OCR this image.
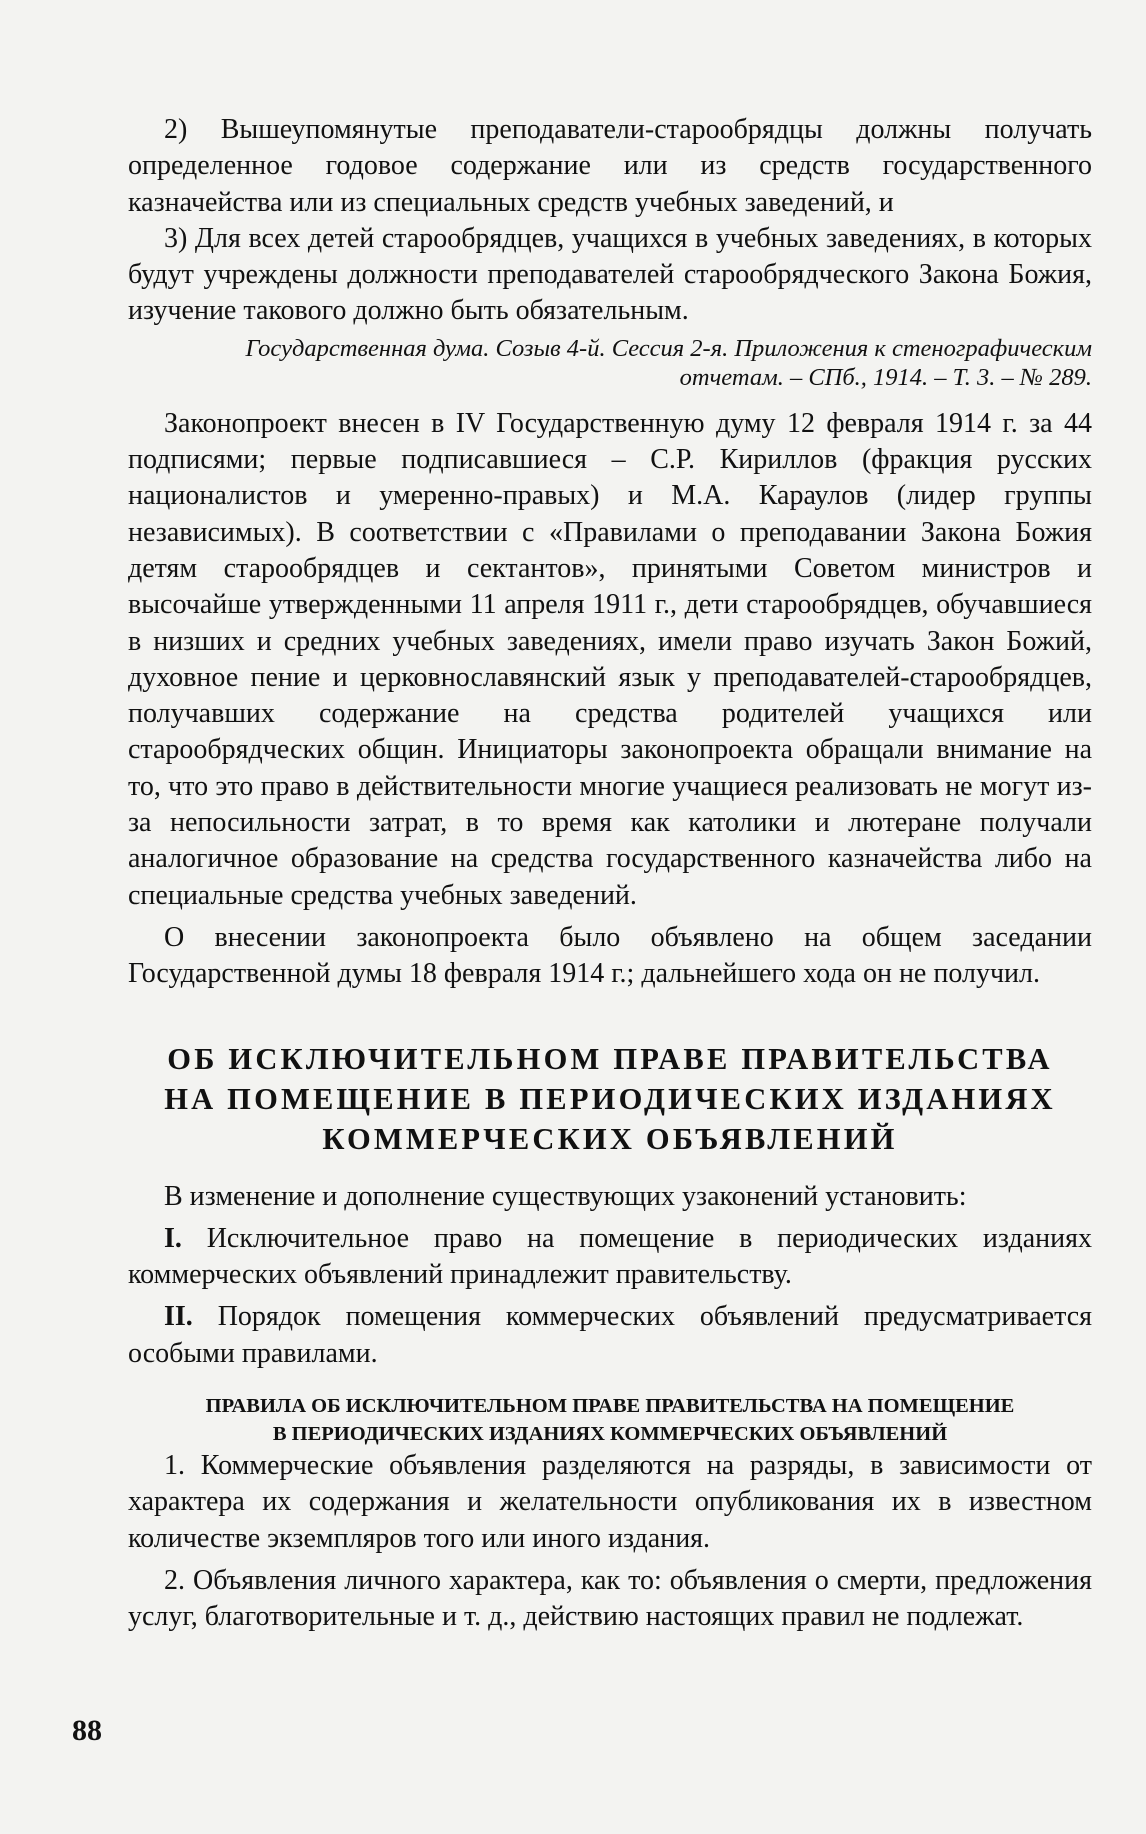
2) Вышеупомянутые преподаватели-старообрядцы должны получать определенное годовое содержание или из средств государственного казначейства или из специальных средств учебных заведений, и

3) Для всех детей старообрядцев, учащихся в учебных заведениях, в которых будут учреждены должности преподавателей старообрядческого Закона Божия, изучение такового должно быть обязательным.

Государственная дума. Созыв 4-й. Сессия 2-я. Приложения к стенографическим
отчетам. – СПб., 1914. – Т. 3. – № 289.

Законопроект внесен в IV Государственную думу 12 февраля 1914 г. за 44 подписями; первые подписавшиеся – С.Р. Кириллов (фракция русских националистов и умеренно-правых) и М.А. Караулов (лидер группы независимых). В соответствии с «Правилами о преподавании Закона Божия детям старообрядцев и сектантов», принятыми Советом министров и высочайше утвержденными 11 апреля 1911 г., дети старообрядцев, обучавшиеся в низших и средних учебных заведениях, имели право изучать Закон Божий, духовное пение и церковнославянский язык у преподавателей-старообрядцев, получавших содержание на средства родителей учащихся или старообрядческих общин. Инициаторы законопроекта обращали внимание на то, что это право в действительности многие учащиеся реализовать не могут из-за непосильности затрат, в то время как католики и лютеране получали аналогичное образование на средства государственного казначейства либо на специальные средства учебных заведений.

О внесении законопроекта было объявлено на общем заседании Государственной думы 18 февраля 1914 г.; дальнейшего хода он не получил.

ОБ ИСКЛЮЧИТЕЛЬНОМ ПРАВЕ ПРАВИТЕЛЬСТВА
НА ПОМЕЩЕНИЕ В ПЕРИОДИЧЕСКИХ ИЗДАНИЯХ
КОММЕРЧЕСКИХ ОБЪЯВЛЕНИЙ

В изменение и дополнение существующих узаконений установить:

I. Исключительное право на помещение в периодических изданиях коммерческих объявлений принадлежит правительству.

II. Порядок помещения коммерческих объявлений предусматривается особыми правилами.

ПРАВИЛА ОБ ИСКЛЮЧИТЕЛЬНОМ ПРАВЕ ПРАВИТЕЛЬСТВА НА ПОМЕЩЕНИЕ
В ПЕРИОДИЧЕСКИХ ИЗДАНИЯХ КОММЕРЧЕСКИХ ОБЪЯВЛЕНИЙ

1. Коммерческие объявления разделяются на разряды, в зависимости от характера их содержания и желательности опубликования их в известном количестве экземпляров того или иного издания.

2. Объявления личного характера, как то: объявления о смерти, предложения услуг, благотворительные и т. д., действию настоящих правил не подлежат.

88
